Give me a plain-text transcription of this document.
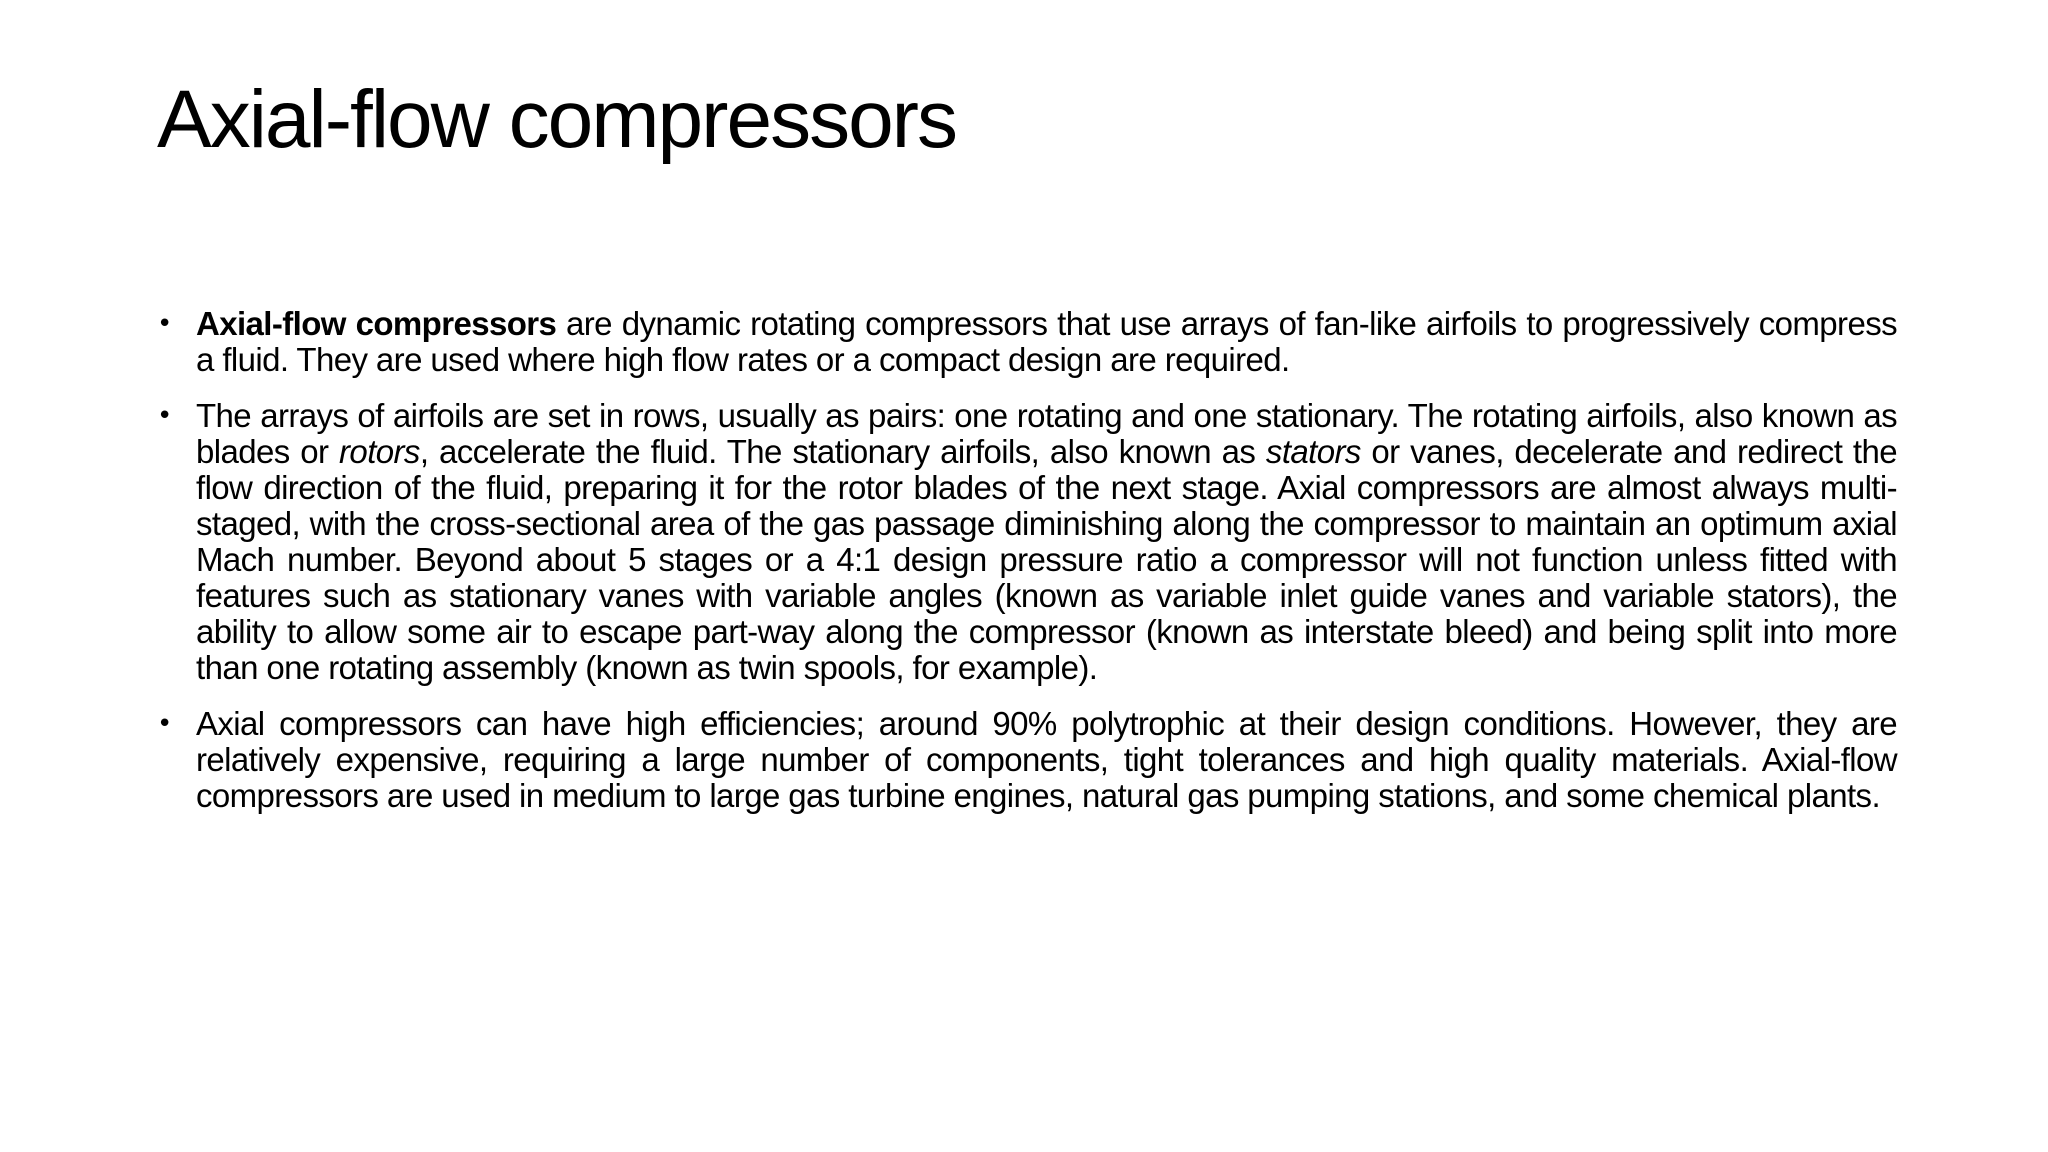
Axial-flow compressors
• Axial-flow compressors are dynamic rotating compressors that use arrays of fan-like airfoils to progressively compress a fluid. They are used where high flow rates or a compact design are required.
• The arrays of airfoils are set in rows, usually as pairs: one rotating and one stationary. The rotating airfoils, also known as blades or rotors, accelerate the fluid. The stationary airfoils, also known as stators or vanes, decelerate and redirect the flow direction of the fluid, preparing it for the rotor blades of the next stage. Axial compressors are almost always multi-staged, with the cross-sectional area of the gas passage diminishing along the compressor to maintain an optimum axial Mach number. Beyond about 5 stages or a 4:1 design pressure ratio a compressor will not function unless fitted with features such as stationary vanes with variable angles (known as variable inlet guide vanes and variable stators), the ability to allow some air to escape part-way along the compressor (known as interstate bleed) and being split into more than one rotating assembly (known as twin spools, for example).
• Axial compressors can have high efficiencies; around 90% polytrophic at their design conditions. However, they are relatively expensive, requiring a large number of components, tight tolerances and high quality materials. Axial-flow compressors are used in medium to large gas turbine engines, natural gas pumping stations, and some chemical plants.
